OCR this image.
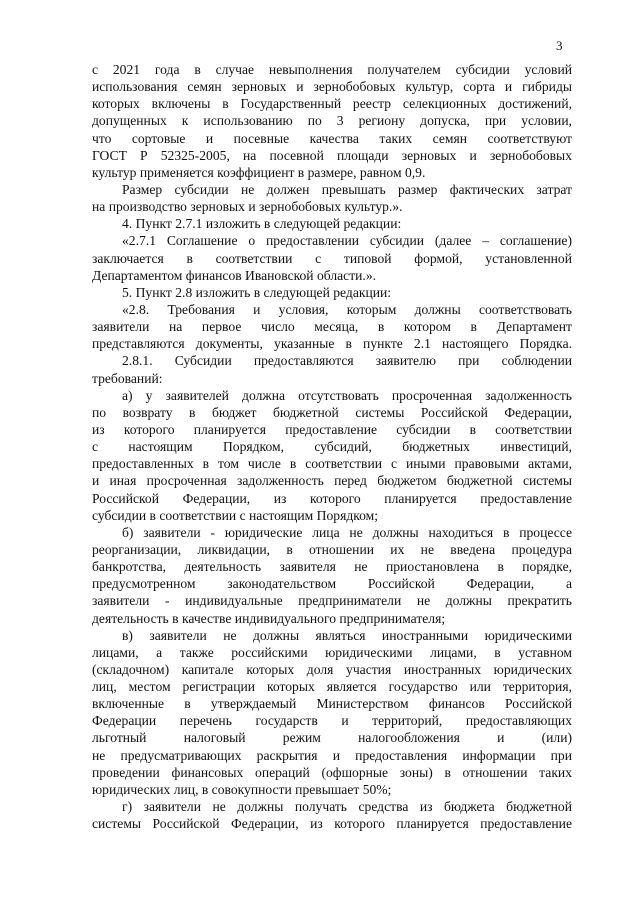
3
с 2021 года в случае невыполнения получателем субсидии условий
использования семян зерновых и зернобобовых культур, сорта и гибриды
которых включены в Государственный реестр селекционных достижений,
допущенных к использованию по 3 региону допуска, при условии,
что сортовые и посевные качества таких семян соответствуют
ГОСТ Р 52325-2005, на посевной площади зерновых и зернобобовых
культур применяется коэффициент в размере, равном 0,9.
Размер субсидии не должен превышать размер фактических затрат
на производство зерновых и зернобобовых культур.».
4. Пункт 2.7.1 изложить в следующей редакции:
«2.7.1 Соглашение о предоставлении субсидии (далее – соглашение)
заключается в соответствии с типовой формой, установленной
Департаментом финансов Ивановской области.».
5. Пункт 2.8 изложить в следующей редакции:
«2.8. Требования и условия, которым должны соответствовать
заявители на первое число месяца, в котором в Департамент
представляются документы, указанные в пункте 2.1 настоящего Порядка.
2.8.1. Субсидии предоставляются заявителю при соблюдении
требований:
а) у заявителей должна отсутствовать просроченная задолженность
по возврату в бюджет бюджетной системы Российской Федерации,
из которого планируется предоставление субсидии в соответствии
с настоящим Порядком, субсидий, бюджетных инвестиций,
предоставленных в том числе в соответствии с иными правовыми актами,
и иная просроченная задолженность перед бюджетом бюджетной системы
Российской Федерации, из которого планируется предоставление
субсидии в соответствии с настоящим Порядком;
б) заявители - юридические лица не должны находиться в процессе
реорганизации, ликвидации, в отношении их не введена процедура
банкротства, деятельность заявителя не приостановлена в порядке,
предусмотренном законодательством Российской Федерации, а
заявители - индивидуальные предприниматели не должны прекратить
деятельность в качестве индивидуального предпринимателя;
в) заявители не должны являться иностранными юридическими
лицами, а также российскими юридическими лицами, в уставном
(складочном) капитале которых доля участия иностранных юридических
лиц, местом регистрации которых является государство или территория,
включенные в утверждаемый Министерством финансов Российской
Федерации перечень государств и территорий, предоставляющих
льготный налоговый режим налогообложения и (или)
не предусматривающих раскрытия и предоставления информации при
проведении финансовых операций (офшорные зоны) в отношении таких
юридических лиц, в совокупности превышает 50%;
г) заявители не должны получать средства из бюджета бюджетной
системы Российской Федерации, из которого планируется предоставление
